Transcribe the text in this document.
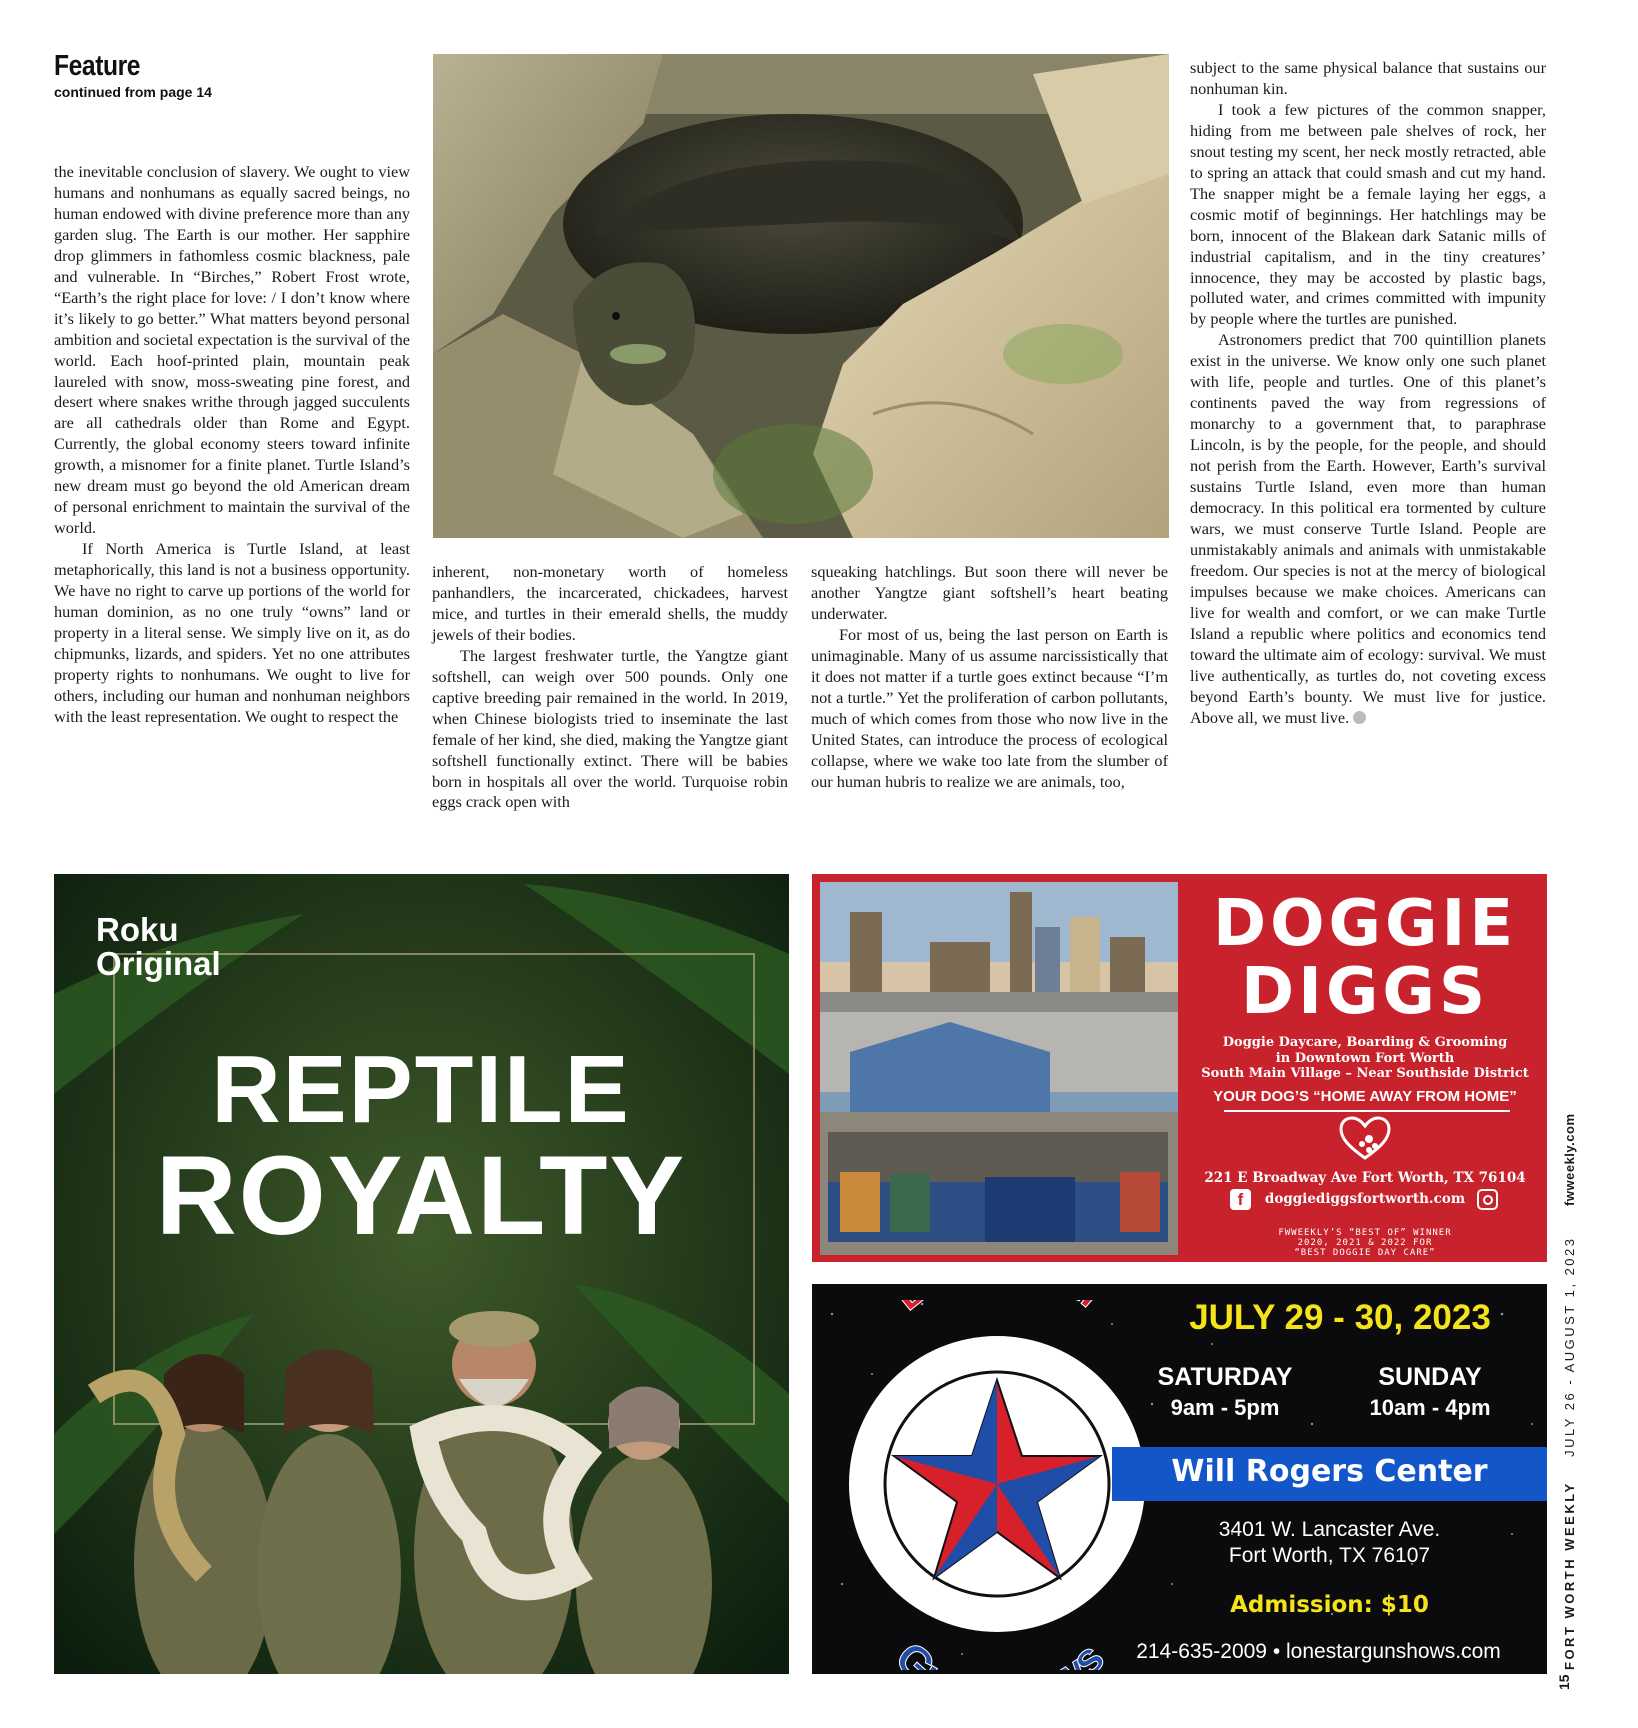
Feature
continued from page 14

the inevitable conclusion of slavery. We ought to view humans and nonhumans as equally sacred beings, no human endowed with divine preference more than any garden slug. The Earth is our mother. Her sapphire drop glimmers in fathomless cosmic blackness, pale and vulnerable. In “Birches,” Robert Frost wrote, “Earth’s the right place for love: / I don’t know where it’s likely to go better.” What matters beyond personal ambition and societal expectation is the survival of the world. Each hoof-printed plain, mountain peak laureled with snow, moss-sweating pine forest, and desert where snakes writhe through jagged succulents are all cathedrals older than Rome and Egypt. Currently, the global economy steers toward infinite growth, a misnomer for a finite planet. Turtle Island’s new dream must go beyond the old American dream of personal enrichment to maintain the survival of the world.

If North America is Turtle Island, at least metaphorically, this land is not a business opportunity. We have no right to carve up portions of the world for human dominion, as no one truly “owns” land or property in a literal sense. We simply live on it, as do chipmunks, lizards, and spiders. Yet no one attributes property rights to nonhumans. We ought to live for others, including our human and nonhuman neighbors with the least representation. We ought to respect the

inherent, non-monetary worth of homeless panhandlers, the incarcerated, chickadees, harvest mice, and turtles in their emerald shells, the muddy jewels of their bodies.

The largest freshwater turtle, the Yangtze giant softshell, can weigh over 500 pounds. Only one captive breeding pair remained in the world. In 2019, when Chinese biologists tried to inseminate the last female of her kind, she died, making the Yangtze giant softshell functionally extinct. There will be babies born in hospitals all over the world. Turquoise robin eggs crack open with

squeaking hatchlings. But soon there will never be another Yangtze giant softshell’s heart beating underwater.

For most of us, being the last person on Earth is unimaginable. Many of us assume narcissistically that it does not matter if a turtle goes extinct because “I’m not a turtle.” Yet the proliferation of carbon pollutants, much of which comes from those who now live in the United States, can introduce the process of ecological collapse, where we wake too late from the slumber of our human hubris to realize we are animals, too,

subject to the same physical balance that sustains our nonhuman kin.

I took a few pictures of the common snapper, hiding from me between pale shelves of rock, her snout testing my scent, her neck mostly retracted, able to spring an attack that could smash and cut my hand. The snapper might be a female laying her eggs, a cosmic motif of beginnings. Her hatchlings may be born, innocent of the Blakean dark Satanic mills of industrial capitalism, and in the tiny creatures’ innocence, they may be accosted by plastic bags, polluted water, and crimes committed with impunity by people where the turtles are punished.

Astronomers predict that 700 quintillion planets exist in the universe. We know only one such planet with life, people and turtles. One of this planet’s continents paved the way from regressions of monarchy to a government that, to paraphrase Lincoln, is by the people, for the people, and should not perish from the Earth. However, Earth’s survival sustains Turtle Island, even more than human democracy. In this political era tormented by culture wars, we must conserve Turtle Island. People are unmistakably animals and animals with unmistakable freedom. Our species is not at the mercy of biological impulses because we make choices. Americans can live for wealth and comfort, or we can make Turtle Island a republic where politics and economics tend toward the ultimate aim of ecology: survival. We must live authentically, as turtles do, not coveting excess beyond Earth’s bounty. We must live for justice. Above all, we must live.

Roku
Original
REPTILE
ROYALTY
DOGGIE
DIGGS
Doggie Daycare, Boarding & Grooming
in Downtown Fort Worth
South Main Village – Near Southside District
YOUR DOG’S “HOME AWAY FROM HOME”
221 E Broadway Ave Fort Worth, TX 76104
f	doggiediggsfortworth.com
FWWEEKLY’S “BEST OF” WINNER
2020, 2021 & 2022 FOR
“BEST DOGGIE DAY CARE”
G s
JULY 29 - 30, 2023
SATURDAY
9am - 5pm
SUNDAY
10am - 4pm
Will Rogers Center
3401 W. Lancaster Ave.
Fort Worth, TX 76107
Admission: $10
214-635-2009 • lonestargunshows.com	FORT WORTH WEEKLY    JULY 26 - AUGUST 1, 2023     fwweekly.com
15
